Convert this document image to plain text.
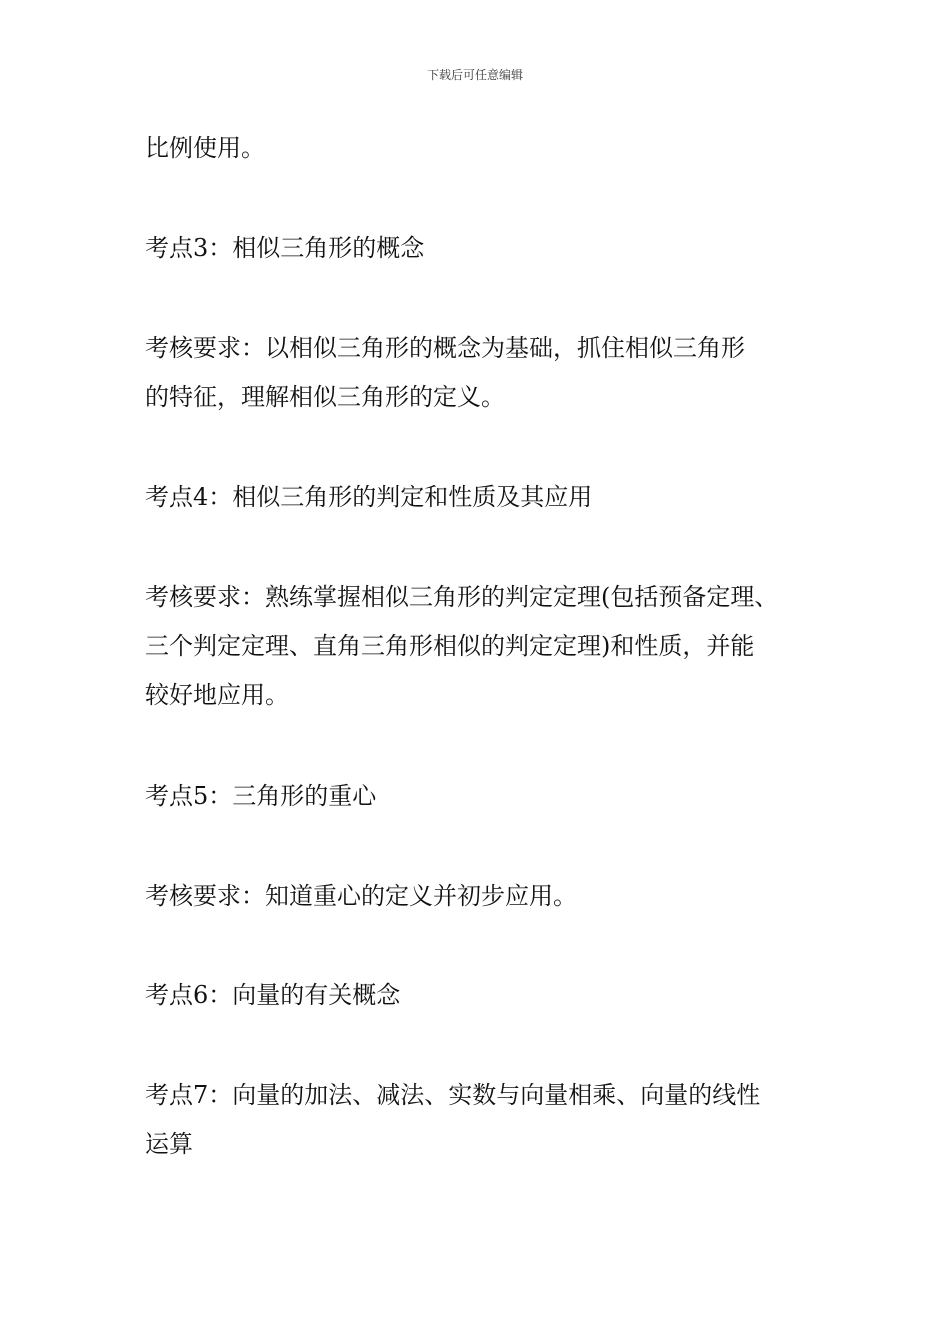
下载后可任意编辑

比例使用。

考点3：相似三角形的概念

考核要求：以相似三角形的概念为基础，抓住相似三角形
的特征，理解相似三角形的定义。

考点4：相似三角形的判定和性质及其应用

考核要求：熟练掌握相似三角形的判定定理(包括预备定理、
三个判定定理、直角三角形相似的判定定理)和性质，并能
较好地应用。

考点5：三角形的重心

考核要求：知道重心的定义并初步应用。

考点6：向量的有关概念

考点7：向量的加法、减法、实数与向量相乘、向量的线性
运算
